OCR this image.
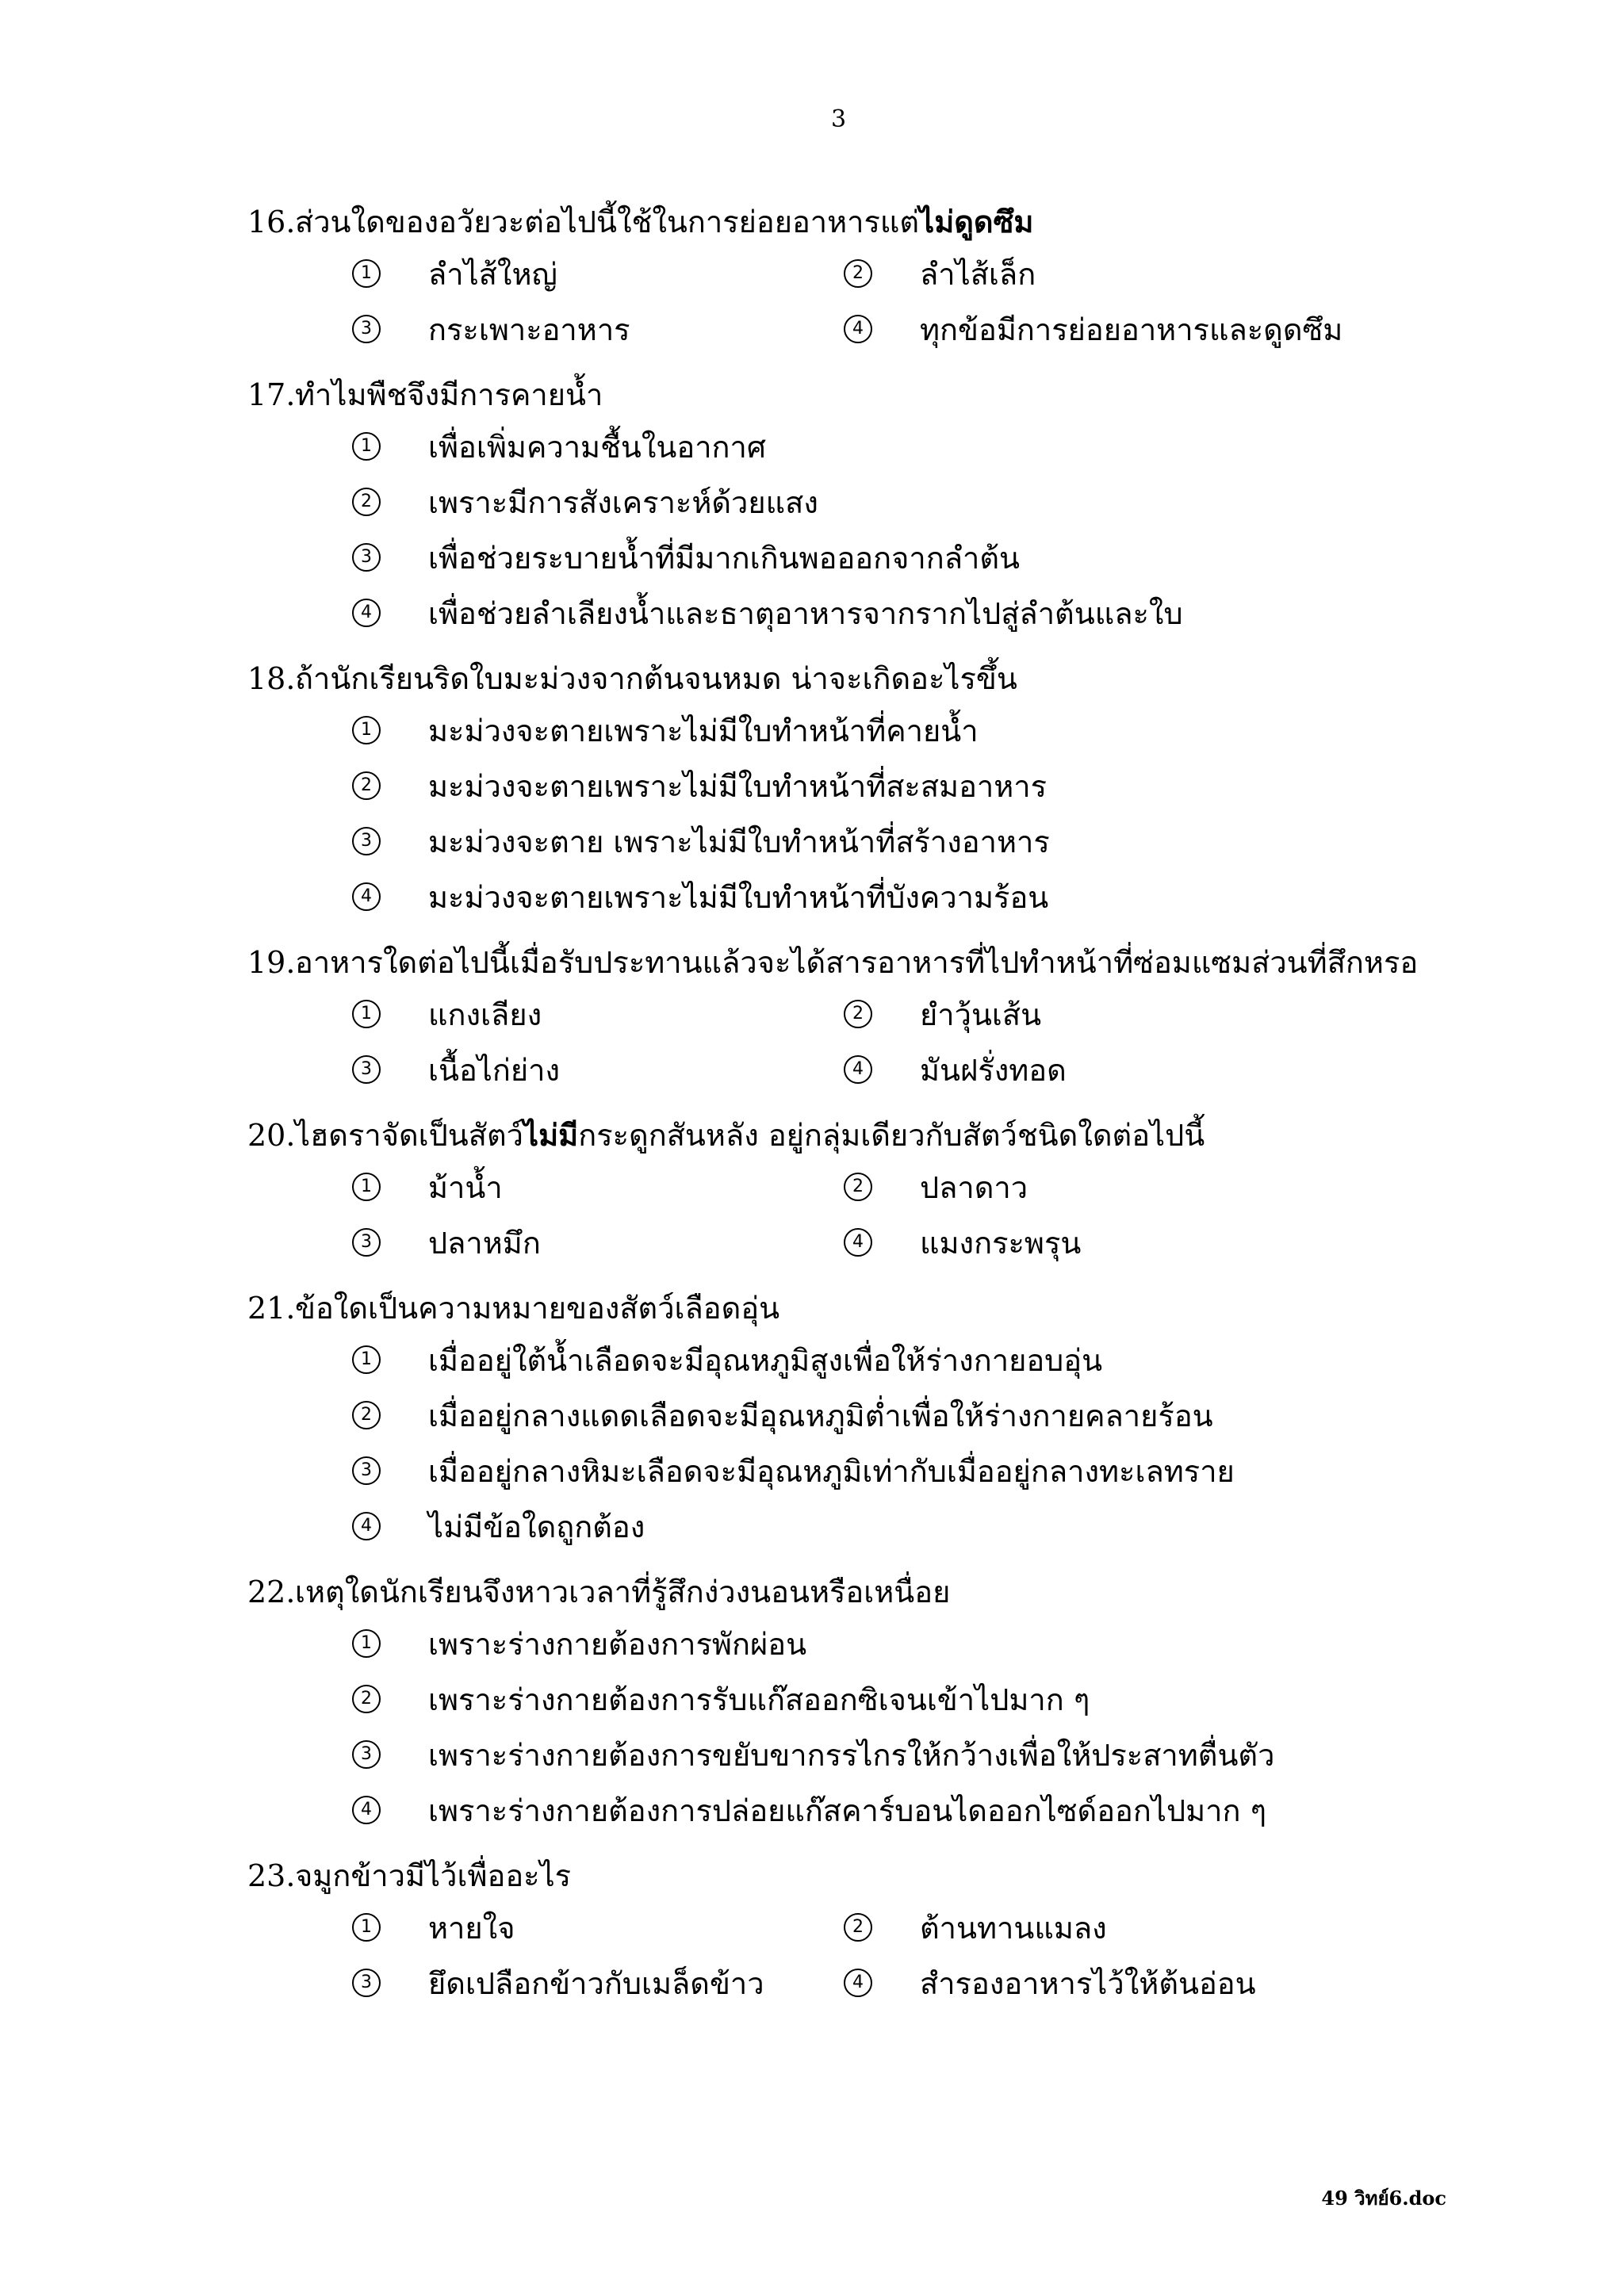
3
16. ส่วนใดของอวัยวะต่อไปนี้ใช้ในการย่อยอาหารแต่ไม่ดูดซึม
1 ลำไส้ใหญ่	2 ลำไส้เล็ก
3 กระเพาะอาหาร	4 ทุกข้อมีการย่อยอาหารและดูดซึม
17. ทำไมพืชจึงมีการคายน้ำ
1 เพื่อเพิ่มความชื้นในอากาศ
2 เพราะมีการสังเคราะห์ด้วยแสง
3 เพื่อช่วยระบายน้ำที่มีมากเกินพอออกจากลำต้น
4 เพื่อช่วยลำเลียงน้ำและธาตุอาหารจากรากไปสู่ลำต้นและใบ
18. ถ้านักเรียนริดใบมะม่วงจากต้นจนหมด น่าจะเกิดอะไรขึ้น
1 มะม่วงจะตายเพราะไม่มีใบทำหน้าที่คายน้ำ
2 มะม่วงจะตายเพราะไม่มีใบทำหน้าที่สะสมอาหาร
3 มะม่วงจะตาย เพราะไม่มีใบทำหน้าที่สร้างอาหาร
4 มะม่วงจะตายเพราะไม่มีใบทำหน้าที่บังความร้อน
19. อาหารใดต่อไปนี้เมื่อรับประทานแล้วจะได้สารอาหารที่ไปทำหน้าที่ซ่อมแซมส่วนที่สึกหรอ
1 แกงเลียง	2 ยำวุ้นเส้น
3 เนื้อไก่ย่าง	4 มันฝรั่งทอด
20. ไฮดราจัดเป็นสัตว์ไม่มีกระดูกสันหลัง อยู่กลุ่มเดียวกับสัตว์ชนิดใดต่อไปนี้
1 ม้าน้ำ	2 ปลาดาว
3 ปลาหมึก	4 แมงกระพรุน
21. ข้อใดเป็นความหมายของสัตว์เลือดอุ่น
1 เมื่ออยู่ใต้น้ำเลือดจะมีอุณหภูมิสูงเพื่อให้ร่างกายอบอุ่น
2 เมื่ออยู่กลางแดดเลือดจะมีอุณหภูมิต่ำเพื่อให้ร่างกายคลายร้อน
3 เมื่ออยู่กลางหิมะเลือดจะมีอุณหภูมิเท่ากับเมื่ออยู่กลางทะเลทราย
4 ไม่มีข้อใดถูกต้อง
22. เหตุใดนักเรียนจึงหาวเวลาที่รู้สึกง่วงนอนหรือเหนื่อย
1 เพราะร่างกายต้องการพักผ่อน
2 เพราะร่างกายต้องการรับแก๊สออกซิเจนเข้าไปมาก ๆ
3 เพราะร่างกายต้องการขยับขากรรไกรให้กว้างเพื่อให้ประสาทตื่นตัว
4 เพราะร่างกายต้องการปล่อยแก๊สคาร์บอนไดออกไซด์ออกไปมาก ๆ
23. จมูกข้าวมีไว้เพื่ออะไร
1 หายใจ	2 ต้านทานแมลง
3 ยึดเปลือกข้าวกับเมล็ดข้าว	4 สำรองอาหารไว้ให้ต้นอ่อน
49 วิทย์6.doc
